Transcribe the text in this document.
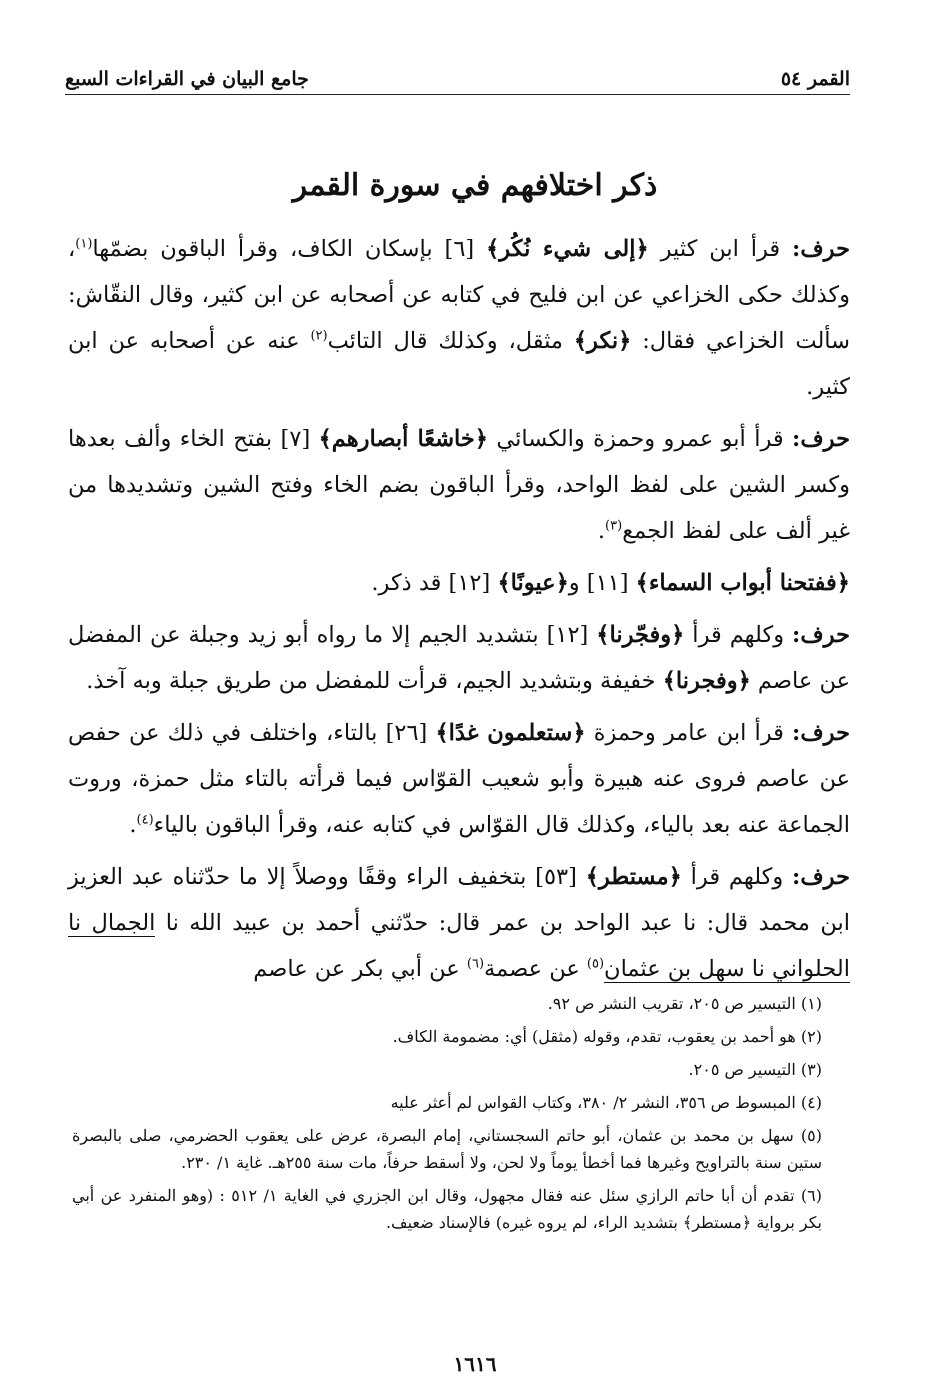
القمر ٥٤
جامع البيان في القراءات السبع
ذكر اختلافهم في سورة القمر

حرف: قرأ ابن كثير ﴿إلى شيء نُكُر﴾ [٦] بإسكان الكاف، وقرأ الباقون بضمّها$^{(١)}$، وكذلك حكى الخزاعي عن ابن فليح في كتابه عن أصحابه عن ابن كثير، وقال النقّاش: سألت الخزاعي فقال: ﴿نكر﴾ مثقل، وكذلك قال التائب$^{(٢)}$ عنه عن أصحابه عن ابن كثير.

حرف: قرأ أبو عمرو وحمزة والكسائي ﴿خاشعًا أبصارهم﴾ [٧] بفتح الخاء وألف بعدها وكسر الشين على لفظ الواحد، وقرأ الباقون بضم الخاء وفتح الشين وتشديدها من غير ألف على لفظ الجمع$^{(٣)}$.

﴿ففتحنا أبواب السماء﴾ [١١] و﴿عيونًا﴾ [١٢] قد ذكر.

حرف: وكلهم قرأ ﴿وفجّرنا﴾ [١٢] بتشديد الجيم إلا ما رواه أبو زيد وجبلة عن المفضل عن عاصم ﴿وفجرنا﴾ خفيفة وبتشديد الجيم، قرأت للمفضل من طريق جبلة وبه آخذ.

حرف: قرأ ابن عامر وحمزة ﴿ستعلمون غدًا﴾ [٢٦] بالتاء، واختلف في ذلك عن حفص عن عاصم فروى عنه هبيرة وأبو شعيب القوّاس فيما قرأته بالتاء مثل حمزة، وروت الجماعة عنه بعد بالياء، وكذلك قال القوّاس في كتابه عنه، وقرأ الباقون بالياء$^{(٤)}$.

حرف: وكلهم قرأ ﴿مستطر﴾ [٥٣] بتخفيف الراء وقفًا ووصلاً إلا ما حدّثناه عبد العزيز ابن محمد قال: نا عبد الواحد بن عمر قال: حدّثني أحمد بن عبيد الله نا الجمال نا الحلواني نا سهل بن عثمان$^{(٥)}$ عن عصمة$^{(٦)}$ عن أبي بكر عن عاصم

(١) التيسير ص ٢٠٥، تقريب النشر ص ٩٢.

(٢) هو أحمد بن يعقوب، تقدم، وقوله (مثقل) أي: مضمومة الكاف.

(٣) التيسير ص ٢٠٥.

(٤) المبسوط ص ٣٥٦، النشر ٢/ ٣٨٠، وكتاب القواس لم أعثر عليه

(٥) سهل بن محمد بن عثمان، أبو حاتم السجستاني، إمام البصرة، عرض على يعقوب الحضرمي، صلى بالبصرة ستين سنة بالتراويح وغيرها فما أخطأ يوماً ولا لحن، ولا أسقط حرفاً، مات سنة ٢٥٥هـ. غاية ١/ ٢٣٠.

(٦) تقدم أن أبا حاتم الرازي سئل عنه فقال مجهول، وقال ابن الجزري في الغاية ١/ ٥١٢ : (وهو المنفرد عن أبي بكر برواية ﴿مستطر﴾ بتشديد الراء، لم يروه غيره) فالإسناد ضعيف.

١٦١٦
